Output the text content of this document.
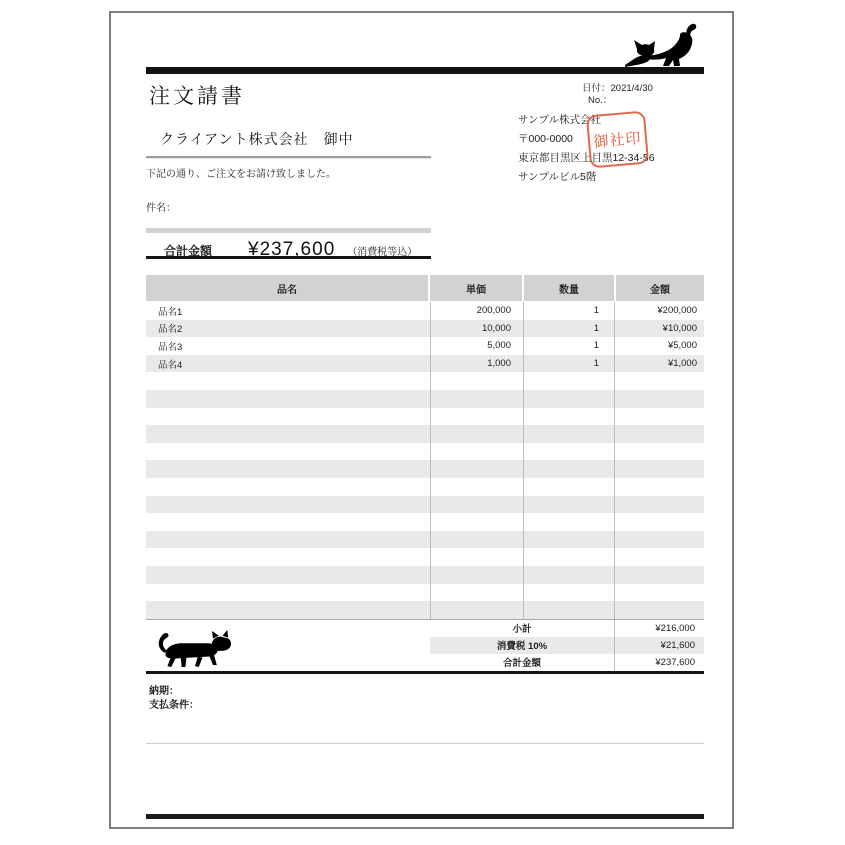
注文請書	日付：2021/4/30
No.：
クライアント株式会社　御中
サンプル株式会社
〒000-0000
東京都目黒区上目黒12-34-56
サンプルビル5階
御社印
下記の通り、ご注文をお請け致しました。
件名：
合計金額 ¥237,600 （消費税等込）
品名	単価	数量	金額
品名1	200,000	1	¥200,000
品名2	10,000	1	¥10,000
品名3	5,000	1	¥5,000
品名4	1,000	1	¥1,000
小計	¥216,000
消費税 10%	¥21,600
合計金額	¥237,600
納期：
支払条件：
